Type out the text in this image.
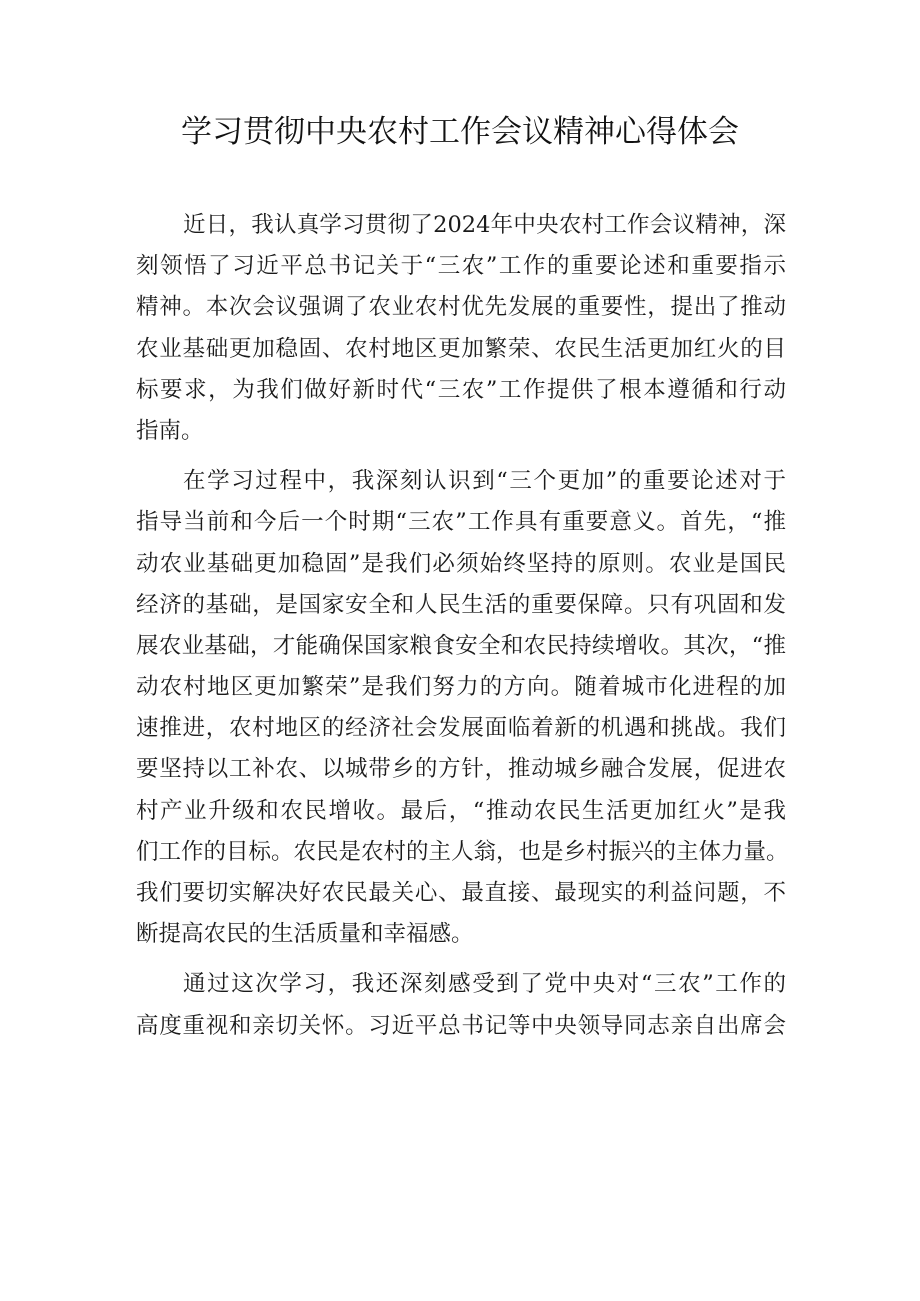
学习贯彻中央农村工作会议精神心得体会
近日，我认真学习贯彻了2024年中央农村工作会议精神，深
刻领悟了习近平总书记关于“三农”工作的重要论述和重要指示
精神。本次会议强调了农业农村优先发展的重要性，提出了推动
农业基础更加稳固、农村地区更加繁荣、农民生活更加红火的目
标要求，为我们做好新时代“三农”工作提供了根本遵循和行动
指南。
在学习过程中，我深刻认识到“三个更加”的重要论述对于
指导当前和今后一个时期“三农”工作具有重要意义。首先，“推
动农业基础更加稳固”是我们必须始终坚持的原则。农业是国民
经济的基础，是国家安全和人民生活的重要保障。只有巩固和发
展农业基础，才能确保国家粮食安全和农民持续增收。其次，“推
动农村地区更加繁荣”是我们努力的方向。随着城市化进程的加
速推进，农村地区的经济社会发展面临着新的机遇和挑战。我们
要坚持以工补农、以城带乡的方针，推动城乡融合发展，促进农
村产业升级和农民增收。最后，“推动农民生活更加红火”是我
们工作的目标。农民是农村的主人翁，也是乡村振兴的主体力量。
我们要切实解决好农民最关心、最直接、最现实的利益问题，不
断提高农民的生活质量和幸福感。
通过这次学习，我还深刻感受到了党中央对“三农”工作的
高度重视和亲切关怀。习近平总书记等中央领导同志亲自出席会
